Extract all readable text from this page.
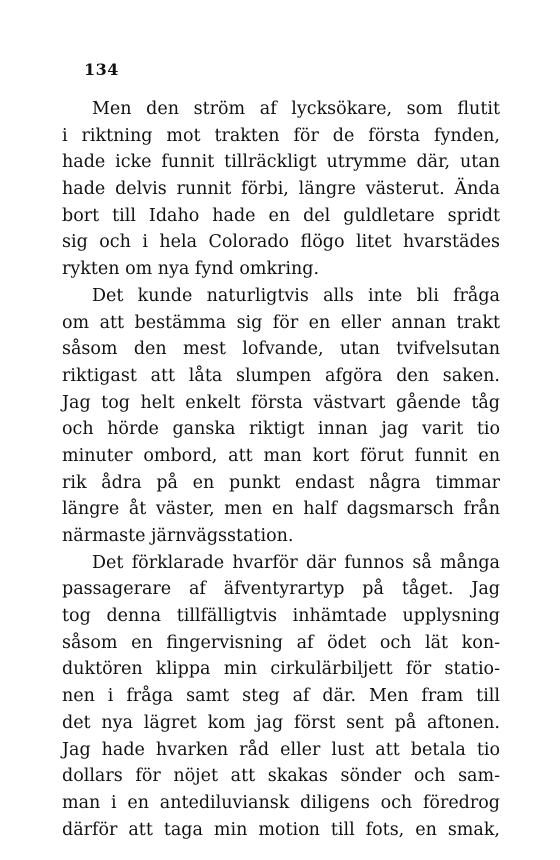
134
Men den ström af lycksökare, som flutit
i riktning mot trakten för de första fynden,
hade icke funnit tillräckligt utrymme där, utan
hade delvis runnit förbi, längre västerut. Ända
bort till Idaho hade en del guldletare spridt
sig och i hela Colorado flögo litet hvarstädes
rykten om nya fynd omkring.
Det kunde naturligtvis alls inte bli fråga
om att bestämma sig för en eller annan trakt
såsom den mest lofvande, utan tvifvelsutan
riktigast att låta slumpen afgöra den saken.
Jag tog helt enkelt första västvart gående tåg
och hörde ganska riktigt innan jag varit tio
minuter ombord, att man kort förut funnit en
rik ådra på en punkt endast några timmar
längre åt väster, men en half dagsmarsch från
närmaste järnvägsstation.
Det förklarade hvarför där funnos så många
passagerare af äfventyrartyp på tåget. Jag
tog denna tillfälligtvis inhämtade upplysning
såsom en fingervisning af ödet och lät kon-
duktören klippa min cirkulärbiljett för statio-
nen i fråga samt steg af där. Men fram till
det nya lägret kom jag först sent på aftonen.
Jag hade hvarken råd eller lust att betala tio
dollars för nöjet att skakas sönder och sam-
man i en antediluviansk diligens och föredrog
därför att taga min motion till fots, en smak,
